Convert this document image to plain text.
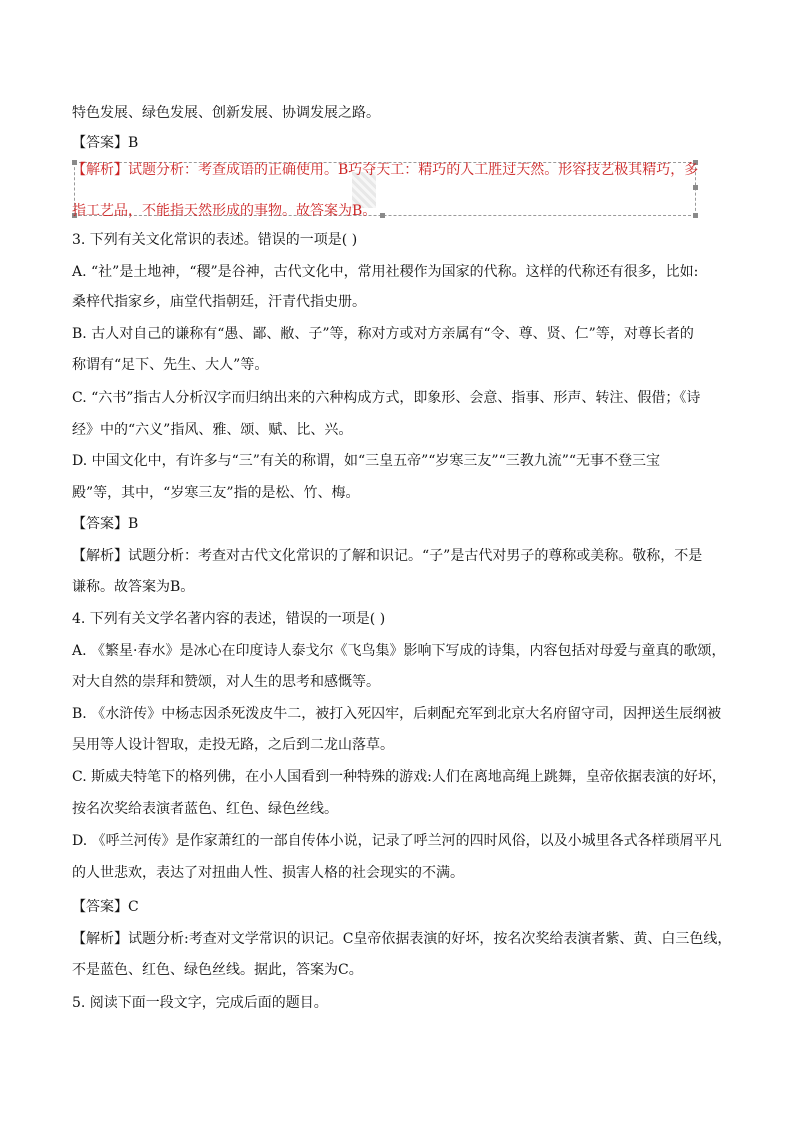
特色发展、绿色发展、创新发展、协调发展之路。
【答案】B
【解析】试题分析：考查成语的正确使用。B巧夺天工：精巧的人工胜过天然。形容技艺极其精巧，多
指工艺品，不能指天然形成的事物。故答案为B。
3. 下列有关文化常识的表述。错误的一项是( )
A. “社”是土地神，“稷”是谷神，古代文化中，常用社稷作为国家的代称。这样的代称还有很多，比如:
桑梓代指家乡，庙堂代指朝廷，汗青代指史册。
B. 古人对自己的谦称有“愚、鄙、敝、子”等，称对方或对方亲属有“令、尊、贤、仁”等，对尊长者的
称谓有“足下、先生、大人”等。
C. “六书”指古人分析汉字而归纳出来的六种构成方式，即象形、会意、指事、形声、转注、假借；《诗
经》中的“六义”指风、雅、颂、赋、比、兴。
D. 中国文化中，有许多与“三”有关的称谓，如“三皇五帝”“岁寒三友”“三教九流”“无事不登三宝
殿”等，其中，“岁寒三友”指的是松、竹、梅。
【答案】B
【解析】试题分析：考查对古代文化常识的了解和识记。“子”是古代对男子的尊称或美称。敬称，不是
谦称。故答案为B。
4. 下列有关文学名著内容的表述，错误的一项是( )
A. 《繁星·春水》是冰心在印度诗人泰戈尔《飞鸟集》影响下写成的诗集，内容包括对母爱与童真的歌颂，
对大自然的崇拜和赞颂，对人生的思考和感慨等。
B. 《水浒传》中杨志因杀死泼皮牛二，被打入死囚牢，后刺配充军到北京大名府留守司，因押送生辰纲被
吴用等人设计智取，走投无路，之后到二龙山落草。
C. 斯威夫特笔下的格列佛，在小人国看到一种特殊的游戏:人们在离地高绳上跳舞，皇帝依据表演的好坏，
按名次奖给表演者蓝色、红色、绿色丝线。
D. 《呼兰河传》是作家萧红的一部自传体小说，记录了呼兰河的四时风俗，以及小城里各式各样琐屑平凡
的人世悲欢，表达了对扭曲人性、损害人格的社会现实的不满。
【答案】C
【解析】试题分析:考查对文学常识的识记。C皇帝依据表演的好坏，按名次奖给表演者紫、黄、白三色线，
不是蓝色、红色、绿色丝线。据此，答案为C。
5. 阅读下面一段文字，完成后面的题目。
